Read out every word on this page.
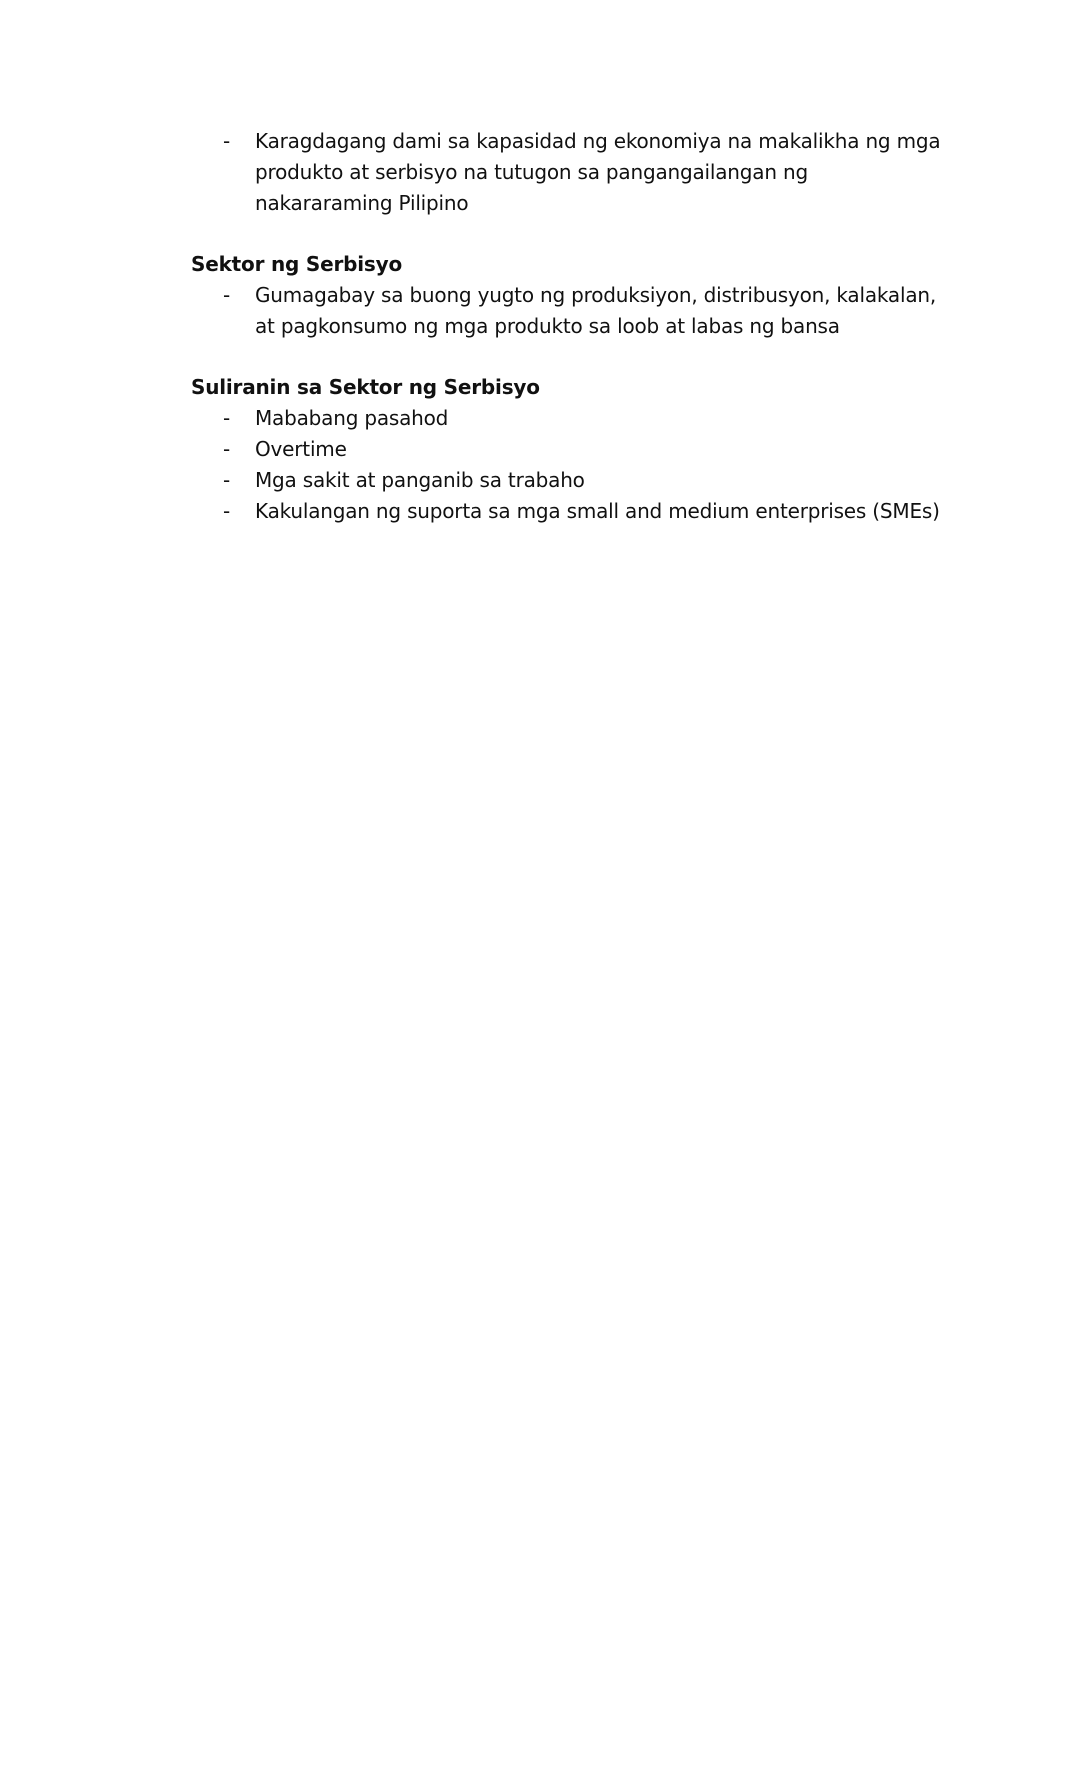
- Karagdagang dami sa kapasidad ng ekonomiya na makalikha ng mga produkto at serbisyo na tutugon sa pangangailangan ng nakararaming Pilipino
Sektor ng Serbisyo
- Gumagabay sa buong yugto ng produksiyon, distribusyon, kalakalan, at pagkonsumo ng mga produkto sa loob at labas ng bansa
Suliranin sa Sektor ng Serbisyo
- Mababang pasahod
- Overtime
- Mga sakit at panganib sa trabaho
- Kakulangan ng suporta sa mga small and medium enterprises (SMEs)
